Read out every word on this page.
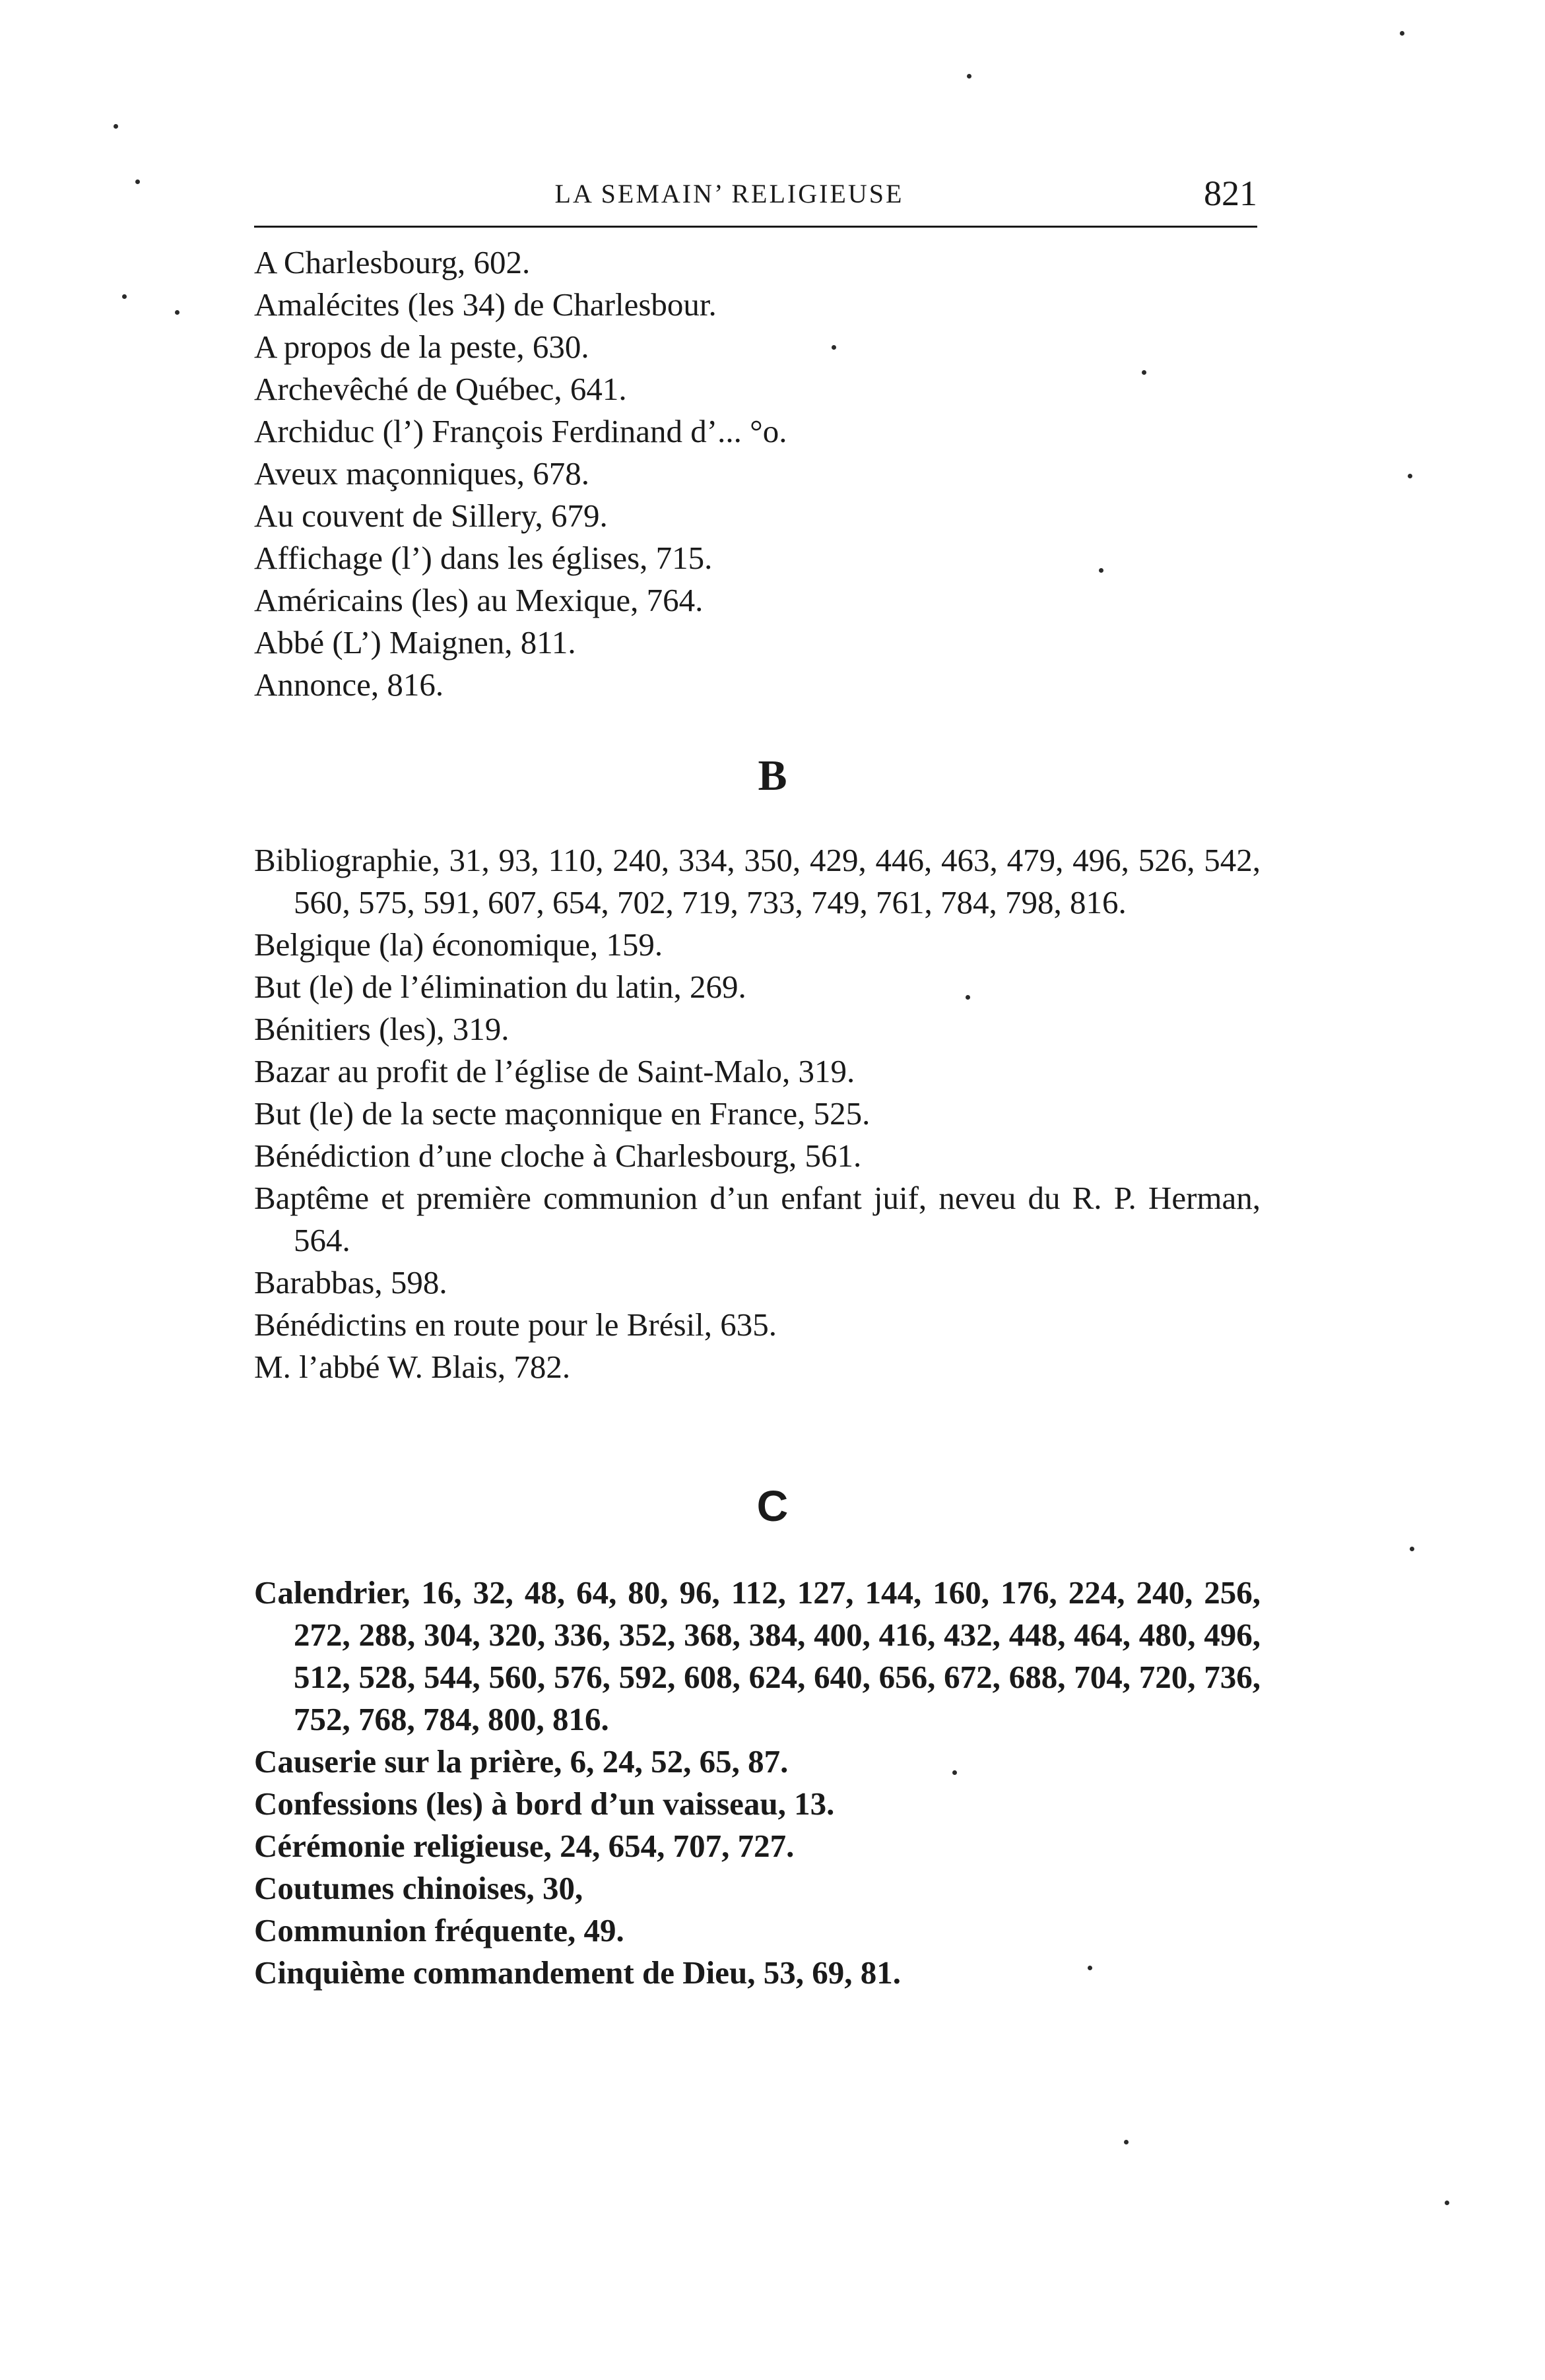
LA SEMAIN’ RELIGIEUSE	821
A Charlesbourg, 602.
Amalécites (les 34) de Charlesbour.
A propos de la peste, 630.
Archevêché de Québec, 641.
Archiduc (l’) François Ferdinand d’... °o.
Aveux maçonniques, 678.
Au couvent de Sillery, 679.
Affichage (l’) dans les églises, 715.
Américains (les) au Mexique, 764.
Abbé (L’) Maignen, 811.
Annonce, 816.
B
Bibliographie, 31, 93, 110, 240, 334, 350, 429, 446, 463, 479, 496, 526, 542, 560, 575, 591, 607, 654, 702, 719, 733, 749, 761, 784, 798, 816.
Belgique (la) économique, 159.
But (le) de l’élimination du latin, 269.
Bénitiers (les), 319.
Bazar au profit de l’église de Saint-Malo, 319.
But (le) de la secte maçonnique en France, 525.
Bénédiction d’une cloche à Charlesbourg, 561.
Baptême et première communion d’un enfant juif, neveu du R. P. Herman, 564.
Barabbas, 598.
Bénédictins en route pour le Brésil, 635.
M. l’abbé W. Blais, 782.
C
Calendrier, 16, 32, 48, 64, 80, 96, 112, 127, 144, 160, 176, 224, 240, 256, 272, 288, 304, 320, 336, 352, 368, 384, 400, 416, 432, 448, 464, 480, 496, 512, 528, 544, 560, 576, 592, 608, 624, 640, 656, 672, 688, 704, 720, 736, 752, 768, 784, 800, 816.
Causerie sur la prière, 6, 24, 52, 65, 87.
Confessions (les) à bord d’un vaisseau, 13.
Cérémonie religieuse, 24, 654, 707, 727.
Coutumes chinoises, 30,
Communion fréquente, 49.
Cinquième commandement de Dieu, 53, 69, 81.
